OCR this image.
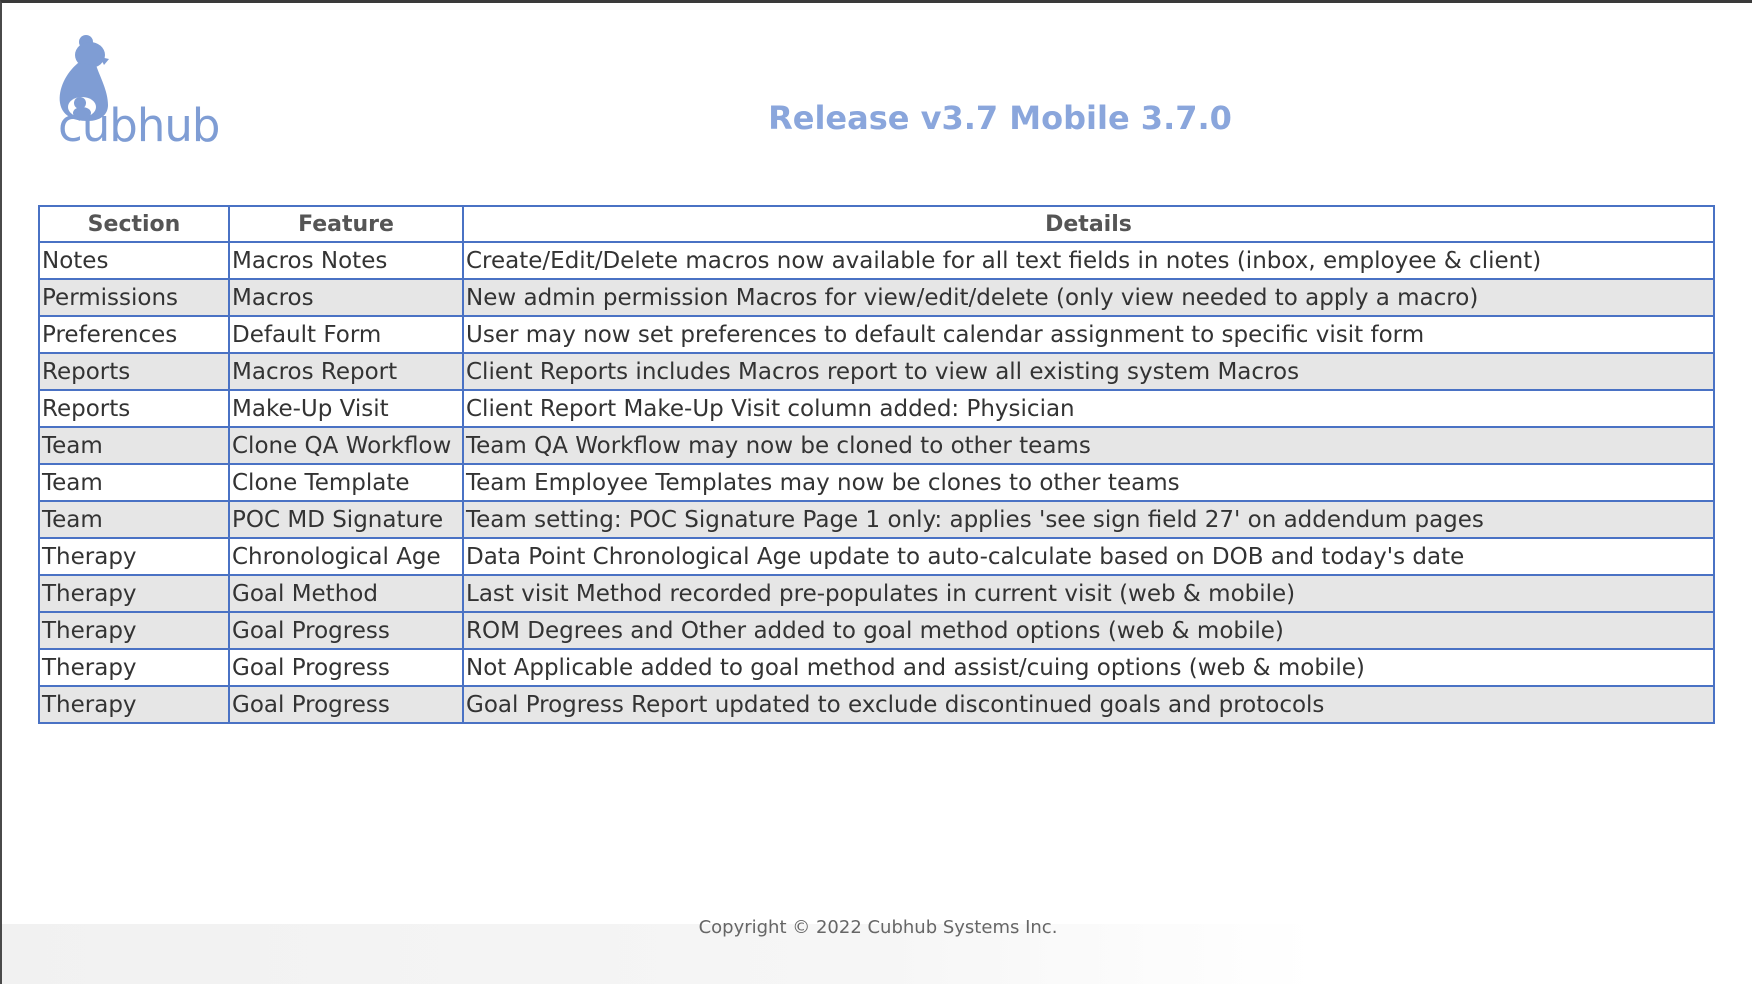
cubhub	Release v3.7 Mobile 3.7.0
Section	Feature	Details
Notes	Macros Notes	Create/Edit/Delete macros now available for all text fields in notes (inbox, employee & client)
Permissions	Macros	New admin permission Macros for view/edit/delete (only view needed to apply a macro)
Preferences	Default Form	User may now set preferences to default calendar assignment to specific visit form
Reports	Macros Report	Client Reports includes Macros report to view all existing system Macros
Reports	Make-Up Visit	Client Report Make-Up Visit column added: Physician
Team	Clone QA Workflow	Team QA Workflow may now be cloned to other teams
Team	Clone Template	Team Employee Templates may now be clones to other teams
Team	POC MD Signature	Team setting: POC Signature Page 1 only: applies 'see sign field 27' on addendum pages
Therapy	Chronological Age	Data Point Chronological Age update to auto-calculate based on DOB and today's date
Therapy	Goal Method	Last visit Method recorded pre-populates in current visit (web & mobile)
Therapy	Goal Progress	ROM Degrees and Other added to goal method options (web & mobile)
Therapy	Goal Progress	Not Applicable added to goal method and assist/cuing options (web & mobile)
Therapy	Goal Progress	Goal Progress Report updated to exclude discontinued goals and protocols
Copyright © 2022 Cubhub Systems Inc.
